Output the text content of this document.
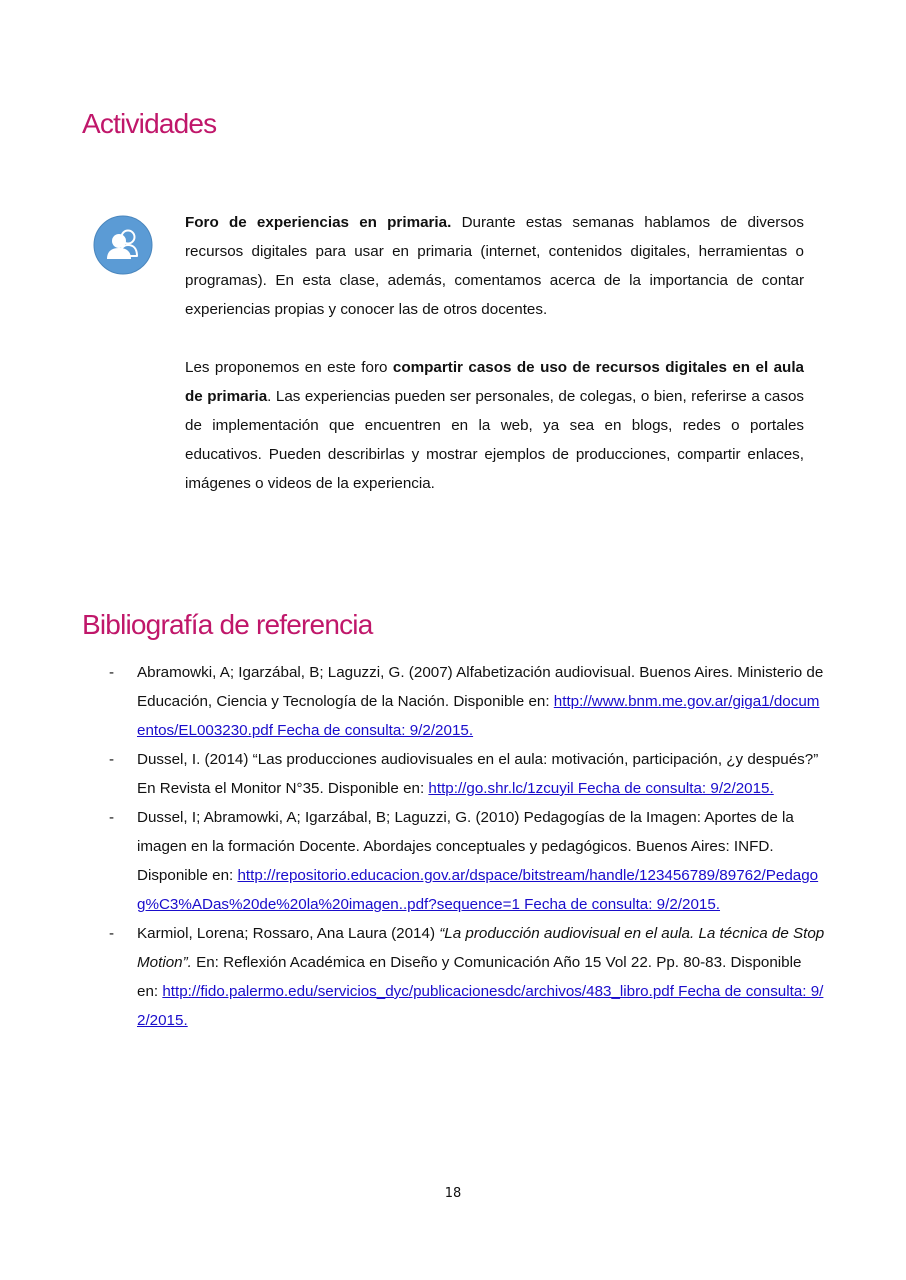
Actividades

Foro de experiencias en primaria. Durante estas semanas hablamos de diversos recursos digitales para usar en primaria (internet, contenidos digitales, herramientas o programas). En esta clase, además, comentamos acerca de la importancia de contar experiencias propias y conocer las de otros docentes.

Les proponemos en este foro compartir casos de uso de recursos digitales en el aula de primaria. Las experiencias pueden ser personales, de colegas, o bien, referirse a casos de implementación que encuentren en la web, ya sea en blogs, redes o portales educativos. Pueden describirlas y mostrar ejemplos de producciones, compartir enlaces, imágenes o videos de la experiencia.

Bibliografía de referencia
- Abramowki, A; Igarzábal, B; Laguzzi, G. (2007) Alfabetización audiovisual. Buenos Aires. Ministerio de Educación, Ciencia y Tecnología de la Nación. Disponible en: http://www.bnm.me.gov.ar/giga1/documentos/EL003230.pdf Fecha de consulta: 9/2/2015.
- Dussel, I. (2014) “Las producciones audiovisuales en el aula: motivación, participación, ¿y después?” En Revista el Monitor N°35. Disponible en: http://go.shr.lc/1zcuyil Fecha de consulta: 9/2/2015.
- Dussel, I; Abramowki, A; Igarzábal, B; Laguzzi, G. (2010) Pedagogías de la Imagen: Aportes de la imagen en la formación Docente. Abordajes conceptuales y pedagógicos. Buenos Aires: INFD. Disponible en: http://repositorio.educacion.gov.ar/dspace/bitstream/handle/123456789/89762/Pedagog%C3%ADas%20de%20la%20imagen..pdf?sequence=1 Fecha de consulta: 9/2/2015.
- Karmiol, Lorena; Rossaro, Ana Laura (2014) “La producción audiovisual en el aula. La técnica de Stop Motion”. En: Reflexión Académica en Diseño y Comunicación Año 15 Vol 22. Pp. 80-83. Disponible en: http://fido.palermo.edu/servicios_dyc/publicacionesdc/archivos/483_libro.pdf Fecha de consulta: 9/2/2015.
18
